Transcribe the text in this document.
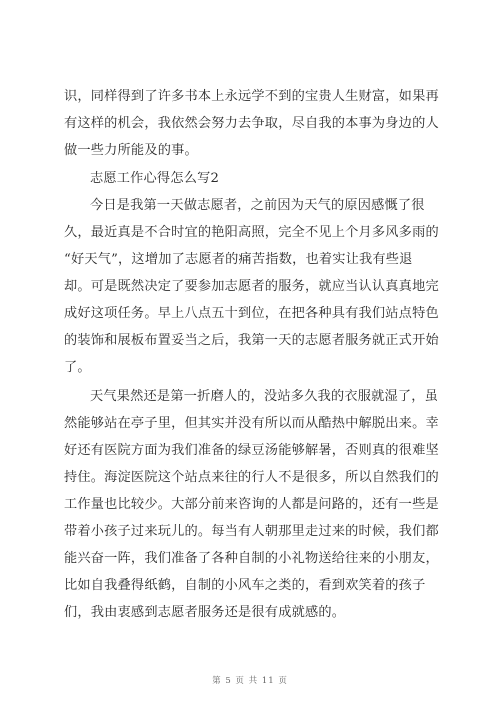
识，同样得到了许多书本上永远学不到的宝贵人生财富，如果再
有这样的机会，我依然会努力去争取，尽自我的本事为身边的人
做一些力所能及的事。
志愿工作心得怎么写2
今日是我第一天做志愿者，之前因为天气的原因感慨了很
久，最近真是不合时宜的艳阳高照，完全不见上个月多风多雨的
“好天气”，这增加了志愿者的痛苦指数，也着实让我有些退
却。可是既然决定了要参加志愿者的服务，就应当认认真真地完
成好这项任务。早上八点五十到位，在把各种具有我们站点特色
的装饰和展板布置妥当之后，我第一天的志愿者服务就正式开始
了。
天气果然还是第一折磨人的，没站多久我的衣服就湿了，虽
然能够站在亭子里，但其实并没有所以而从酷热中解脱出来。幸
好还有医院方面为我们准备的绿豆汤能够解暑，否则真的很难坚
持住。海淀医院这个站点来往的行人不是很多，所以自然我们的
工作量也比较少。大部分前来咨询的人都是问路的，还有一些是
带着小孩子过来玩儿的。每当有人朝那里走过来的时候，我们都
能兴奋一阵，我们准备了各种自制的小礼物送给往来的小朋友，
比如自我叠得纸鹤，自制的小风车之类的，看到欢笑着的孩子
们，我由衷感到志愿者服务还是很有成就感的。
第 5 页 共 11 页
